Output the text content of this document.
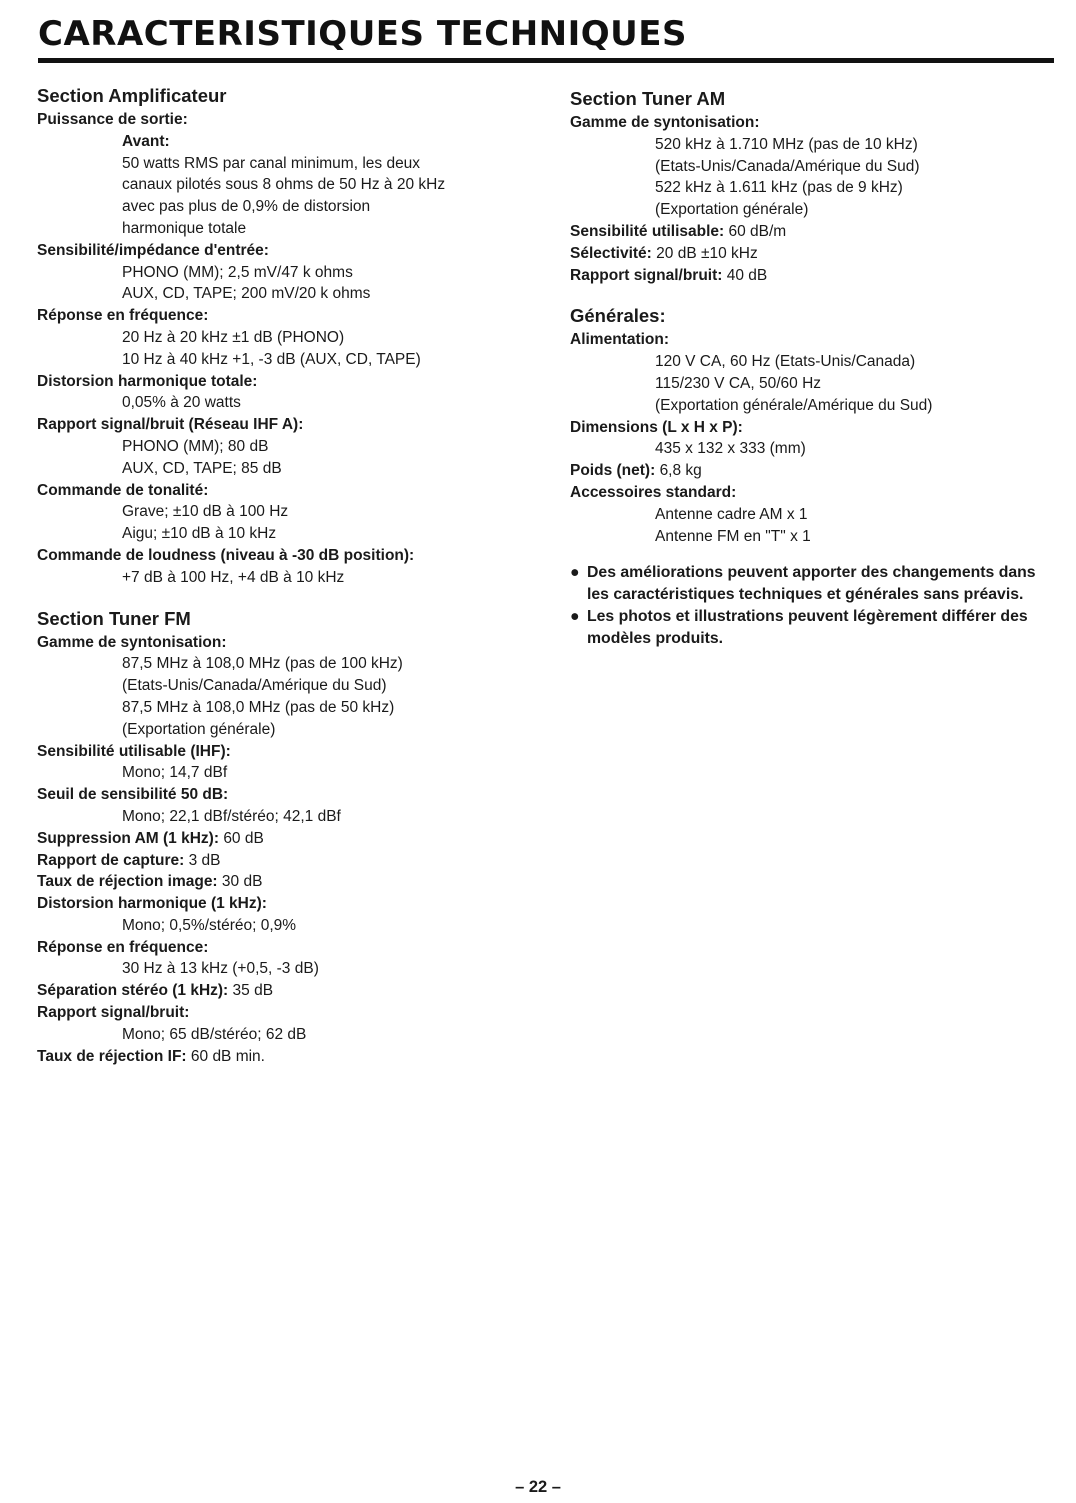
CARACTERISTIQUES TECHNIQUES
Section Amplificateur
Puissance de sortie:
Avant:
50 watts RMS par canal minimum, les deux
canaux pilotés sous 8 ohms de 50 Hz à 20 kHz
avec pas plus de 0,9% de distorsion
harmonique totale
Sensibilité/impédance d'entrée:
PHONO (MM); 2,5 mV/47 k ohms
AUX, CD, TAPE; 200 mV/20 k ohms
Réponse en fréquence:
20 Hz à 20 kHz ±1 dB (PHONO)
10 Hz à 40 kHz +1, -3 dB (AUX, CD, TAPE)
Distorsion harmonique totale:
0,05% à 20 watts
Rapport signal/bruit (Réseau IHF A):
PHONO (MM); 80 dB
AUX, CD, TAPE; 85 dB
Commande de tonalité:
Grave; ±10 dB à 100 Hz
Aigu; ±10 dB à 10 kHz
Commande de loudness (niveau à -30 dB position):
+7 dB à 100 Hz, +4 dB à 10 kHz
Section Tuner FM
Gamme de syntonisation:
87,5 MHz à 108,0 MHz (pas de 100 kHz)
(Etats-Unis/Canada/Amérique du Sud)
87,5 MHz à 108,0 MHz (pas de 50 kHz)
(Exportation générale)
Sensibilité utilisable (IHF):
Mono; 14,7 dBf
Seuil de sensibilité 50 dB:
Mono; 22,1 dBf/stéréo; 42,1 dBf
Suppression AM (1 kHz): 60 dB
Rapport de capture: 3 dB
Taux de réjection image: 30 dB
Distorsion harmonique (1 kHz):
Mono; 0,5%/stéréo; 0,9%
Réponse en fréquence:
30 Hz à 13 kHz (+0,5, -3 dB)
Séparation stéréo (1 kHz): 35 dB
Rapport signal/bruit:
Mono; 65 dB/stéréo; 62 dB
Taux de réjection IF: 60 dB min.
Section Tuner AM
Gamme de syntonisation:
520 kHz à 1.710 MHz (pas de 10 kHz)
(Etats-Unis/Canada/Amérique du Sud)
522 kHz à 1.611 kHz (pas de 9 kHz)
(Exportation générale)
Sensibilité utilisable: 60 dB/m
Sélectivité: 20 dB ±10 kHz
Rapport signal/bruit: 40 dB
Générales:
Alimentation:
120 V CA, 60 Hz (Etats-Unis/Canada)
115/230 V CA, 50/60 Hz
(Exportation générale/Amérique du Sud)
Dimensions (L x H x P):
435 x 132 x 333 (mm)
Poids (net): 6,8 kg
Accessoires standard:
Antenne cadre AM x 1
Antenne FM en "T" x 1
● Des améliorations peuvent apporter des changements dans les caractéristiques techniques et générales sans préavis.
● Les photos et illustrations peuvent légèrement différer des modèles produits.
– 22 –
